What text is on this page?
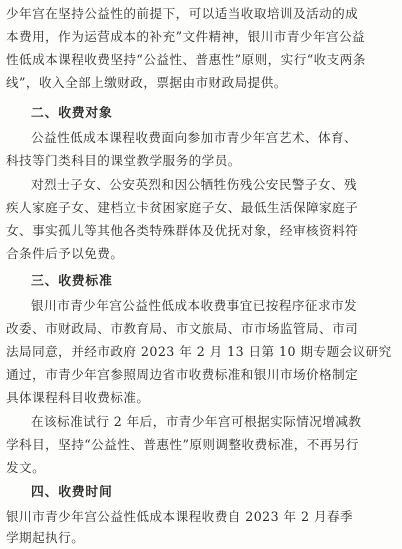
少年宫在坚持公益性的前提下，可以适当收取培训及活动的成
本费用，作为运营成本的补充”文件精神，银川市青少年宫公益
性低成本课程收费坚持“公益性、普惠性”原则，实行“收支两条
线”，收入全部上缴财政，票据由市财政局提供。
二、收费对象
公益性低成本课程收费面向参加市青少年宫艺术、体育、
科技等门类科目的课堂教学服务的学员。
对烈士子女、公安英烈和因公牺牲伤残公安民警子女、残
疾人家庭子女、建档立卡贫困家庭子女、最低生活保障家庭子
女、事实孤儿等其他各类特殊群体及优抚对象，经审核资料符
合条件后予以免费。
三、收费标准
银川市青少年宫公益性低成本收费事宜已按程序征求市发
改委、市财政局、市教育局、市文旅局、市市场监管局、市司
法局同意，并经市政府 2023 年 2 月 13 日第 10 期专题会议研究
通过，市青少年宫参照周边省市收费标准和银川市场价格制定
具体课程科目收费标准。
在该标准试行 2 年后，市青少年宫可根据实际情况增减教
学科目，坚持“公益性、普惠性”原则调整收费标准，不再另行
发文。
四、收费时间
银川市青少年宫公益性低成本课程收费自 2023 年 2 月春季
学期起执行。
